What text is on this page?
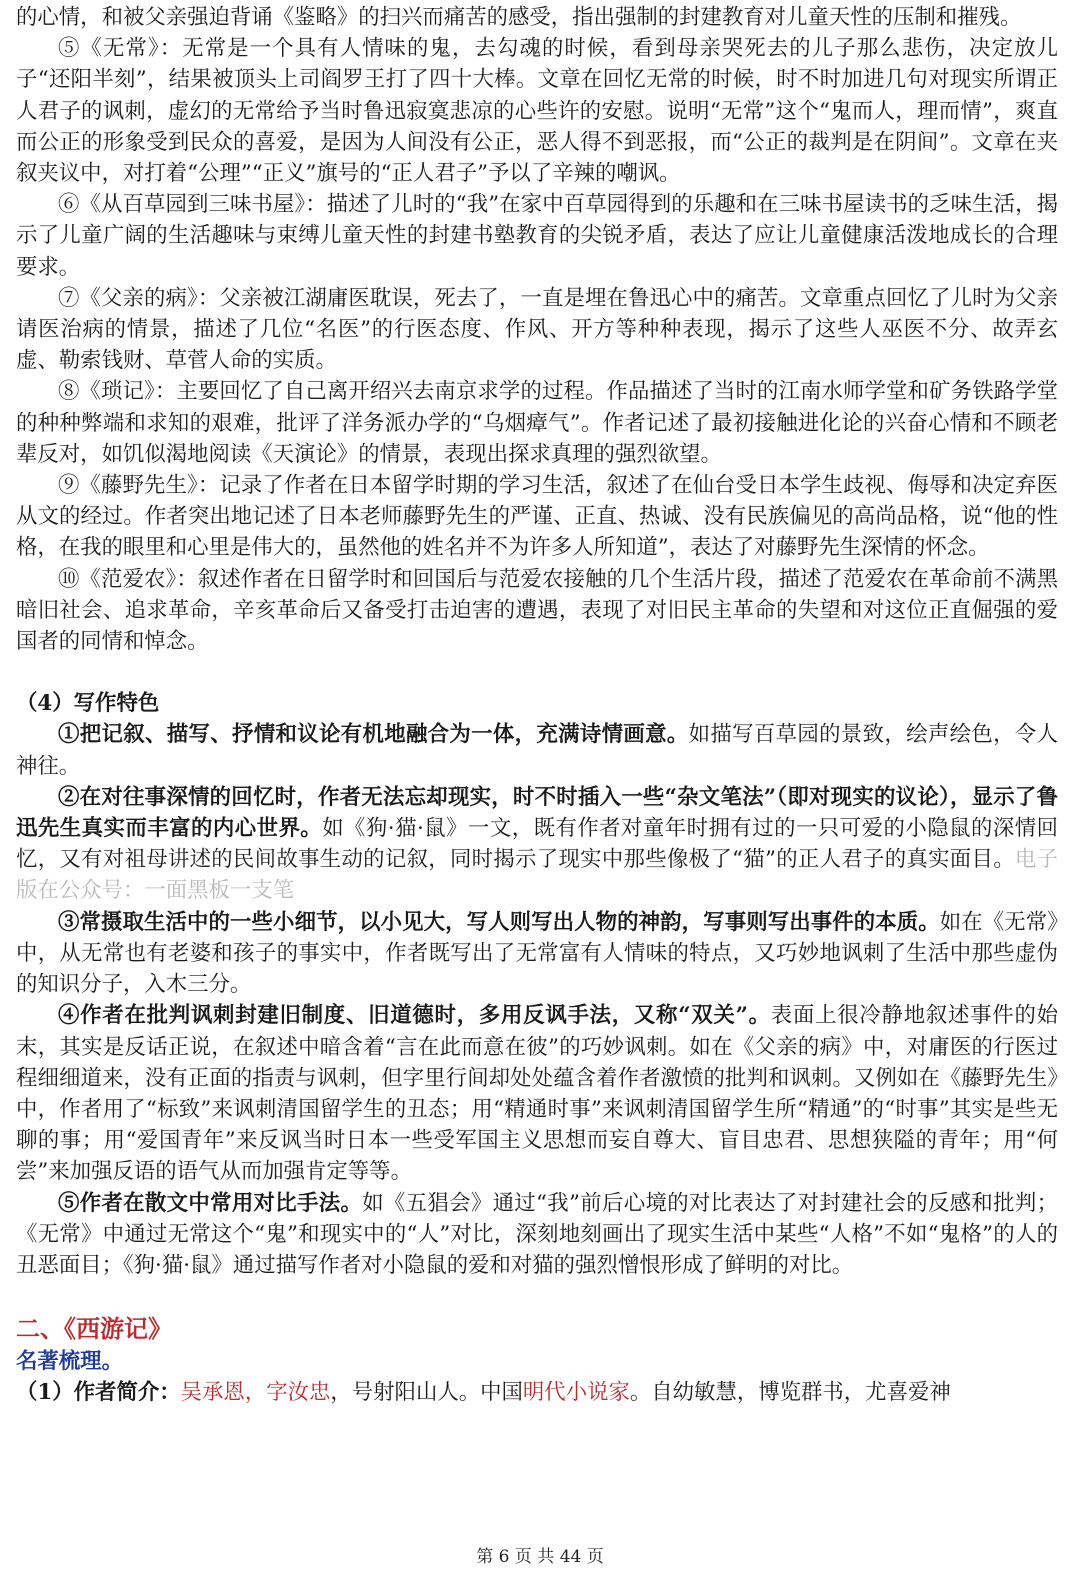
的心情，和被父亲强迫背诵《鉴略》的扫兴而痛苦的感受，指出强制的封建教育对儿童天性的压制和摧残。

⑤《无常》：无常是一个具有人情味的鬼，去勾魂的时候，看到母亲哭死去的儿子那么悲伤，决定放儿子“还阳半刻”，结果被顶头上司阎罗王打了四十大棒。文章在回忆无常的时候，时不时加进几句对现实所谓正人君子的讽刺，虚幻的无常给予当时鲁迅寂寞悲凉的心些许的安慰。说明“无常”这个“鬼而人，理而情”，爽直而公正的形象受到民众的喜爱，是因为人间没有公正，恶人得不到恶报，而“公正的裁判是在阴间”。文章在夹叙夹议中，对打着“公理”“正义”旗号的“正人君子”予以了辛辣的嘲讽。

⑥《从百草园到三味书屋》：描述了儿时的“我”在家中百草园得到的乐趣和在三味书屋读书的乏味生活，揭示了儿童广阔的生活趣味与束缚儿童天性的封建书塾教育的尖锐矛盾，表达了应让儿童健康活泼地成长的合理要求。

⑦《父亲的病》：父亲被江湖庸医耽误，死去了，一直是埋在鲁迅心中的痛苦。文章重点回忆了儿时为父亲请医治病的情景，描述了几位“名医”的行医态度、作风、开方等种种表现，揭示了这些人巫医不分、故弄玄虚、勒索钱财、草菅人命的实质。

⑧《琐记》：主要回忆了自己离开绍兴去南京求学的过程。作品描述了当时的江南水师学堂和矿务铁路学堂的种种弊端和求知的艰难，批评了洋务派办学的“乌烟瘴气”。作者记述了最初接触进化论的兴奋心情和不顾老辈反对，如饥似渴地阅读《天演论》的情景，表现出探求真理的强烈欲望。

⑨《藤野先生》：记录了作者在日本留学时期的学习生活，叙述了在仙台受日本学生歧视、侮辱和决定弃医从文的经过。作者突出地记述了日本老师藤野先生的严谨、正直、热诚、没有民族偏见的高尚品格，说“他的性格，在我的眼里和心里是伟大的，虽然他的姓名并不为许多人所知道”，表达了对藤野先生深情的怀念。

⑩《范爱农》：叙述作者在日留学时和回国后与范爱农接触的几个生活片段，描述了范爱农在革命前不满黑暗旧社会、追求革命，辛亥革命后又备受打击迫害的遭遇，表现了对旧民主革命的失望和对这位正直倔强的爱国者的同情和悼念。

（4）写作特色

①把记叙、描写、抒情和议论有机地融合为一体，充满诗情画意。如描写百草园的景致，绘声绘色，令人神往。

②在对往事深情的回忆时，作者无法忘却现实，时不时插入一些“杂文笔法”（即对现实的议论），显示了鲁迅先生真实而丰富的内心世界。如《狗·猫·鼠》一文，既有作者对童年时拥有过的一只可爱的小隐鼠的深情回忆，又有对祖母讲述的民间故事生动的记叙，同时揭示了现实中那些像极了“猫”的正人君子的真实面目。电子版在公众号：一面黑板一支笔

③常摄取生活中的一些小细节，以小见大，写人则写出人物的神韵，写事则写出事件的本质。如在《无常》中，从无常也有老婆和孩子的事实中，作者既写出了无常富有人情味的特点，又巧妙地讽刺了生活中那些虚伪的知识分子，入木三分。

④作者在批判讽刺封建旧制度、旧道德时，多用反讽手法，又称“双关”。表面上很冷静地叙述事件的始末，其实是反话正说，在叙述中暗含着“言在此而意在彼”的巧妙讽刺。如在《父亲的病》中，对庸医的行医过程细细道来，没有正面的指责与讽刺，但字里行间却处处蕴含着作者激愤的批判和讽刺。又例如在《藤野先生》中，作者用了“标致”来讽刺清国留学生的丑态；用“精通时事”来讽刺清国留学生所“精通”的“时事”其实是些无聊的事；用“爱国青年”来反讽当时日本一些受军国主义思想而妄自尊大、盲目忠君、思想狭隘的青年；用“何尝”来加强反语的语气从而加强肯定等等。

⑤作者在散文中常用对比手法。如《五猖会》通过“我”前后心境的对比表达了对封建社会的反感和批判；《无常》中通过无常这个“鬼”和现实中的“人”对比，深刻地刻画出了现实生活中某些“人格”不如“鬼格”的人的丑恶面目；《狗·猫·鼠》通过描写作者对小隐鼠的爱和对猫的强烈憎恨形成了鲜明的对比。

二、《西游记》

名著梳理。

（1）作者简介：吴承恩，字汝忠，号射阳山人。中国明代小说家。自幼敏慧，博览群书，尤喜爱神

第 6 页 共 44 页
